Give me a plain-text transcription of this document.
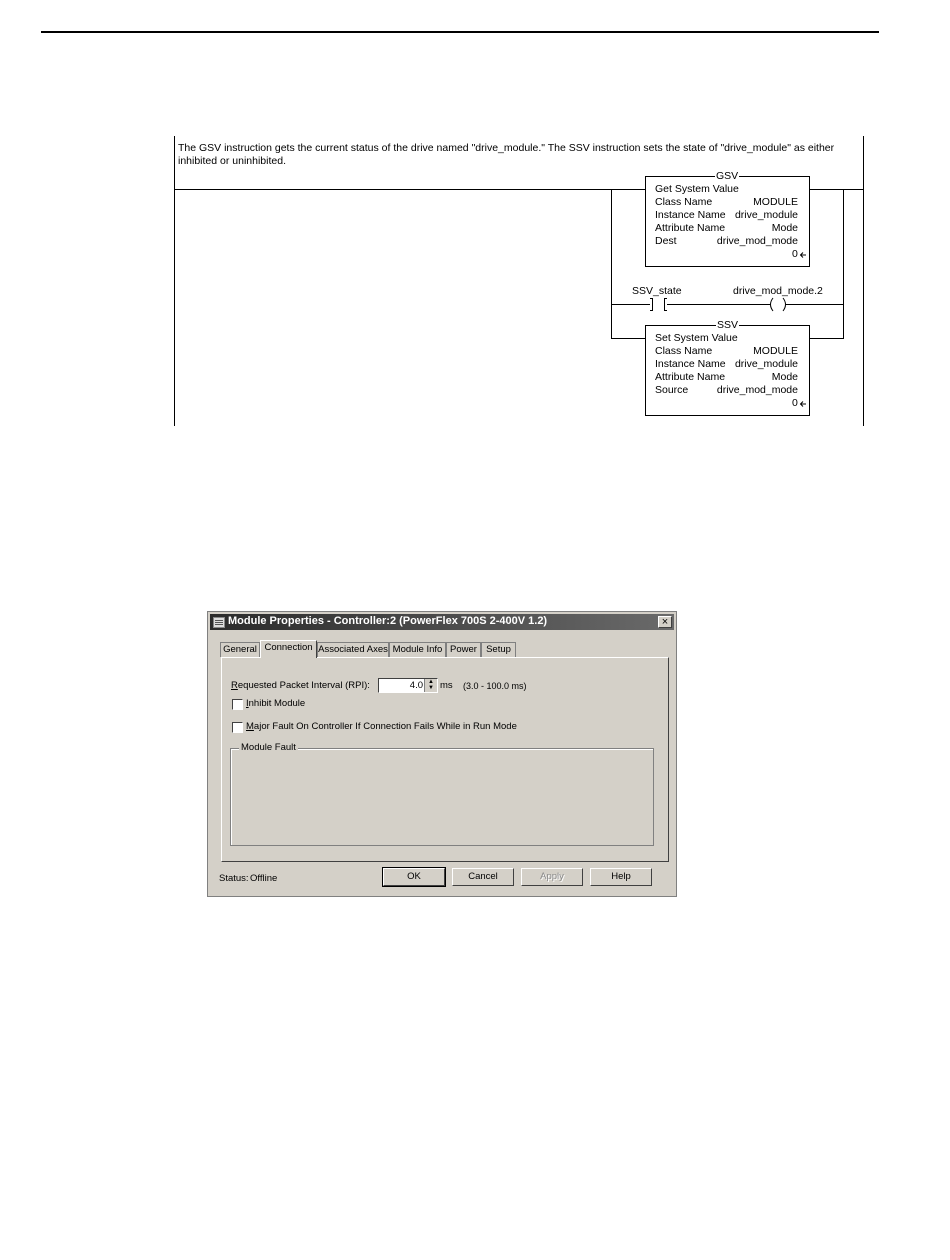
The GSV instruction gets the current status of the drive named "drive_module." The SSV instruction sets the state of "drive_module" as either inhibited or uninhibited.
GSV
Get System Value
Class Name	MODULE
Instance Name drive_module
Attribute Name	Mode
Dest	drive_mod_mode
0
SSV_state	drive_mod_mode.2
SSV
Set System Value
Class Name	MODULE
Instance Name drive_module
Attribute Name	Mode
Source	drive_mod_mode
0
Module Properties - Controller:2 (PowerFlex 700S 2-400V 1.2)	×
General Connection Associated Axes Module Info Power Setup
Requested Packet Interval (RPI):	4.0 ▲
▼ ms (3.0 - 100.0 ms)
Inhibit Module
Major Fault On Controller If Connection Fails While in Run Mode
Module Fault
Status: Offline	OK	Cancel	Apply	Help
